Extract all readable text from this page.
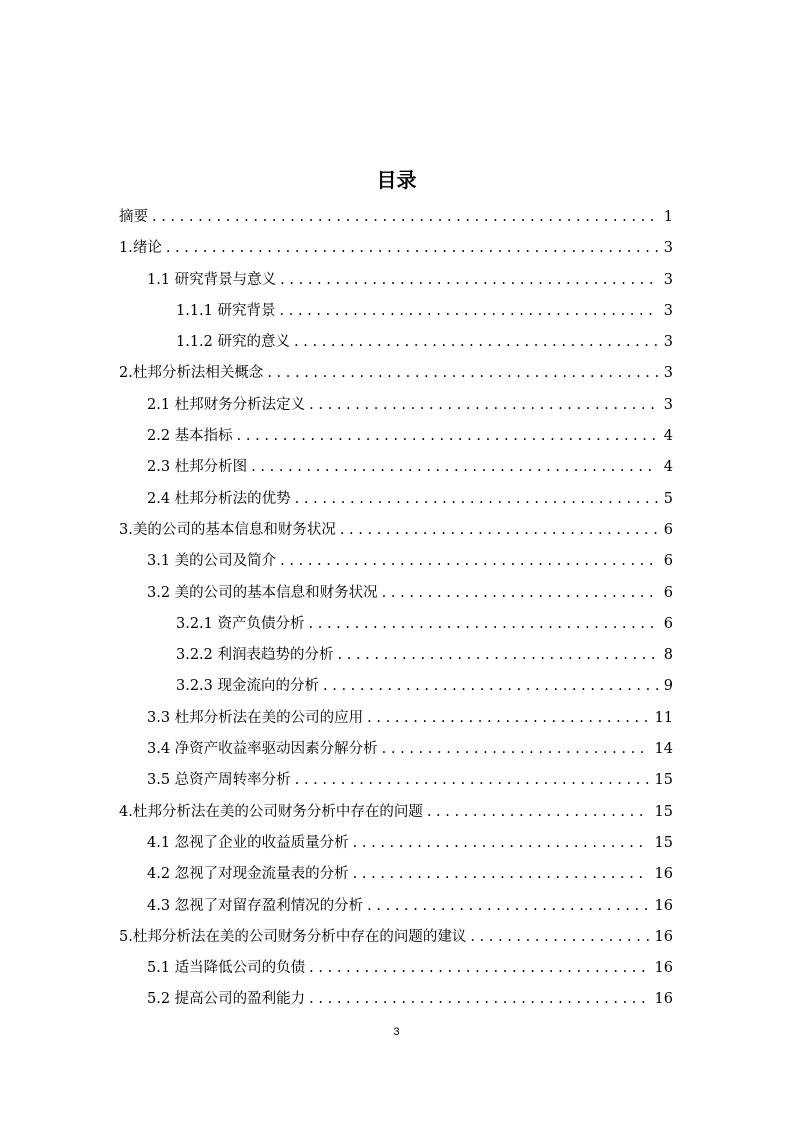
目录
摘要 . . .	1
1.绪论 . . .	3
1.1 研究背景与意义 . . .	3
1.1.1 研究背景 . . .	3
1.1.2 研究的意义 . . .	3
2.杜邦分析法相关概念 . . .	3
2.1 杜邦财务分析法定义 . . .	3
2.2 基本指标 . . .	4
2.3 杜邦分析图 . . .	4
2.4 杜邦分析法的优势 . . .	5
3.美的公司的基本信息和财务状况 . . .	6
3.1 美的公司及简介 . . .	6
3.2 美的公司的基本信息和财务状况 . . .	6
3.2.1 资产负债分析 . . .	6
3.2.2 利润表趋势的分析 . . .	8
3.2.3 现金流向的分析 . . .	9
3.3 杜邦分析法在美的公司的应用 . . .	11
3.4 净资产收益率驱动因素分解分析 . . .	14
3.5 总资产周转率分析 . . .	15
4.杜邦分析法在美的公司财务分析中存在的问题 . . .	15
4.1 忽视了企业的收益质量分析 . . .	15
4.2 忽视了对现金流量表的分析 . . .	16
4.3 忽视了对留存盈利情况的分析 . . .	16
5.杜邦分析法在美的公司财务分析中存在的问题的建议 . . .	16
5.1 适当降低公司的负债 . . .	16
5.2 提高公司的盈利能力 . . .	16
3
